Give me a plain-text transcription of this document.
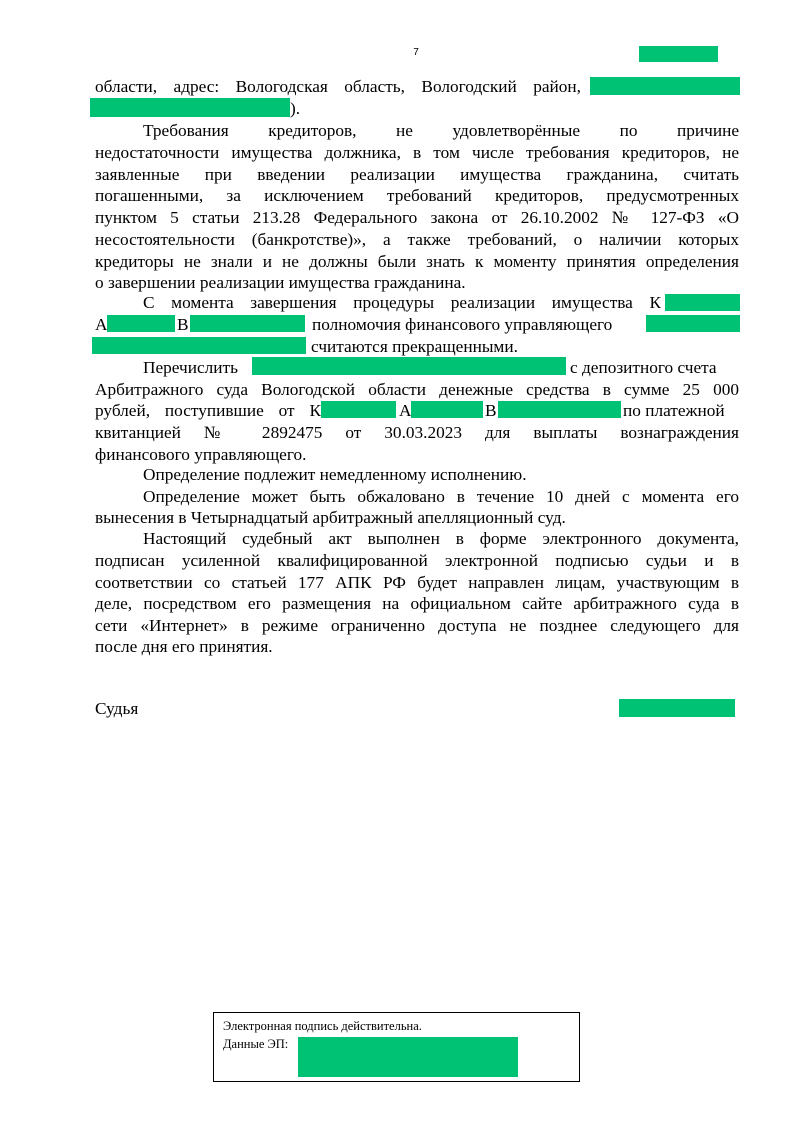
7
области, адрес: Вологодская область, Вологодский район,
).
Требования кредиторов, не удовлетворённые по причине
недостаточности имущества должника, в том числе требования кредиторов, не
заявленные при введении реализации имущества гражданина, считать
погашенными, за исключением требований кредиторов, предусмотренных
пунктом 5 статьи 213.28 Федерального закона от 26.10.2002 № 127-ФЗ «О
несостоятельности (банкротстве)», а также требований, о наличии которых
кредиторы не знали и не должны были знать к моменту принятия определения
о завершении реализации имущества гражданина.
С момента завершения процедуры реализации имущества К
А	В	полномочия финансового управляющего
считаются прекращенными.
Перечислить	с депозитного счета
Арбитражного суда Вологодской области денежные средства в сумме 25 000
рублей, поступившие от К	А	В	по платежной
квитанцией № 2892475 от 30.03.2023 для выплаты вознаграждения
финансового управляющего.
Определение подлежит немедленному исполнению.
Определение может быть обжаловано в течение 10 дней с момента его
вынесения в Четырнадцатый арбитражный апелляционный суд.
Настоящий судебный акт выполнен в форме электронного документа,
подписан усиленной квалифицированной электронной подписью судьи и в
соответствии со статьей 177 АПК РФ будет направлен лицам, участвующим в
деле, посредством его размещения на официальном сайте арбитражного суда в
сети «Интернет» в режиме ограниченно доступа не позднее следующего для
после дня его принятия.
Судья
Электронная подпись действительна.
Данные ЭП:
